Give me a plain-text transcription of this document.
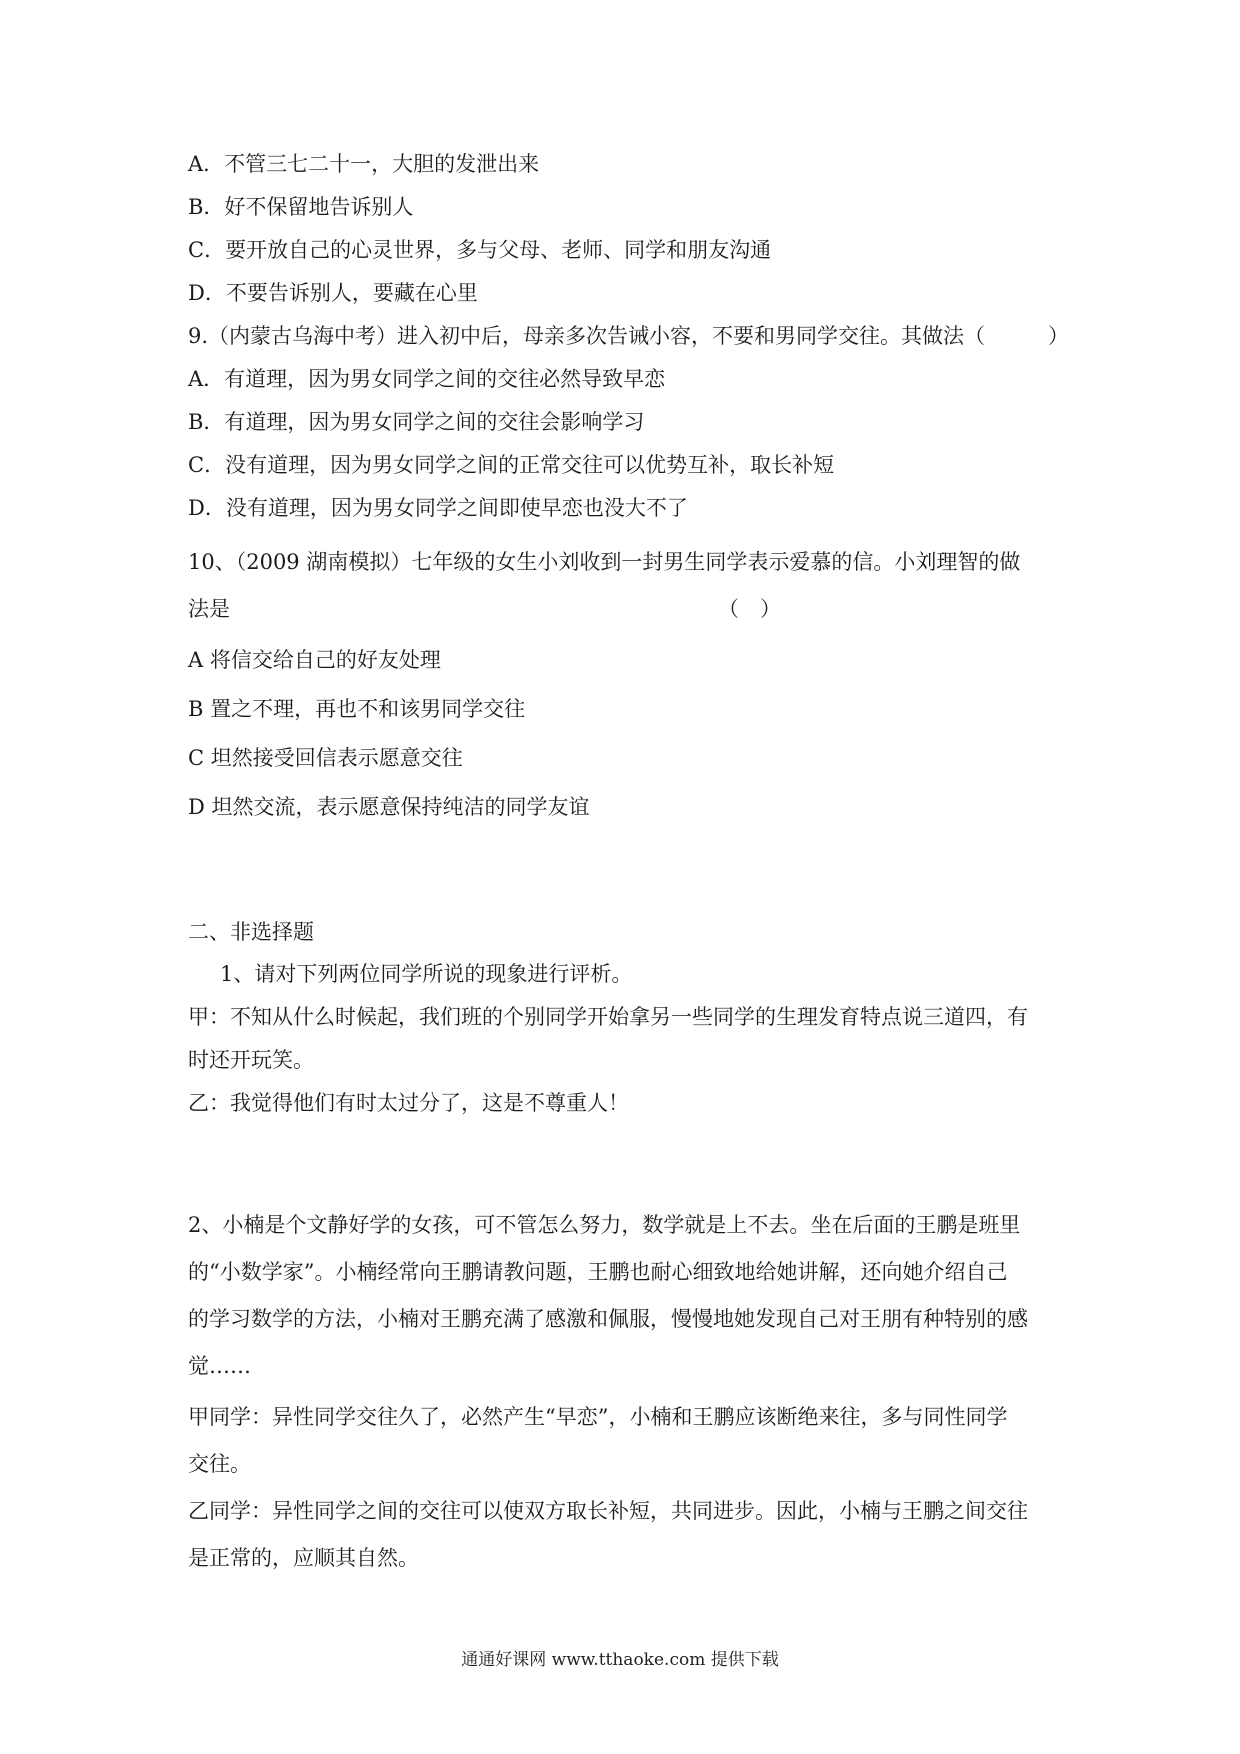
A．不管三七二十一，大胆的发泄出来
B．好不保留地告诉别人
C．要开放自己的心灵世界，多与父母、老师、同学和朋友沟通
D．不要告诉别人，要藏在心里
9.（内蒙古乌海中考）进入初中后，母亲多次告诫小容，不要和男同学交往。其做法（　　　）
A．有道理，因为男女同学之间的交往必然导致早恋
B．有道理，因为男女同学之间的交往会影响学习
C．没有道理，因为男女同学之间的正常交往可以优势互补，取长补短
D．没有道理，因为男女同学之间即使早恋也没大不了
10、（2009 湖南模拟）七年级的女生小刘收到一封男生同学表示爱慕的信。小刘理智的做
法是	（　）
A 将信交给自己的好友处理
B 置之不理，再也不和该男同学交往
C 坦然接受回信表示愿意交往
D 坦然交流，表示愿意保持纯洁的同学友谊
二、非选择题
1、请对下列两位同学所说的现象进行评析。
甲：不知从什么时候起，我们班的个别同学开始拿另一些同学的生理发育特点说三道四，有
时还开玩笑。
乙：我觉得他们有时太过分了，这是不尊重人！
2、小楠是个文静好学的女孩，可不管怎么努力，数学就是上不去。坐在后面的王鹏是班里
的“小数学家”。小楠经常向王鹏请教问题，王鹏也耐心细致地给她讲解，还向她介绍自己
的学习数学的方法，小楠对王鹏充满了感激和佩服，慢慢地她发现自己对王朋有种特别的感
觉……
甲同学：异性同学交往久了，必然产生“早恋”，小楠和王鹏应该断绝来往，多与同性同学
交往。
乙同学：异性同学之间的交往可以使双方取长补短，共同进步。因此，小楠与王鹏之间交往
是正常的，应顺其自然。
通通好课网 www.tthaoke.com 提供下载
